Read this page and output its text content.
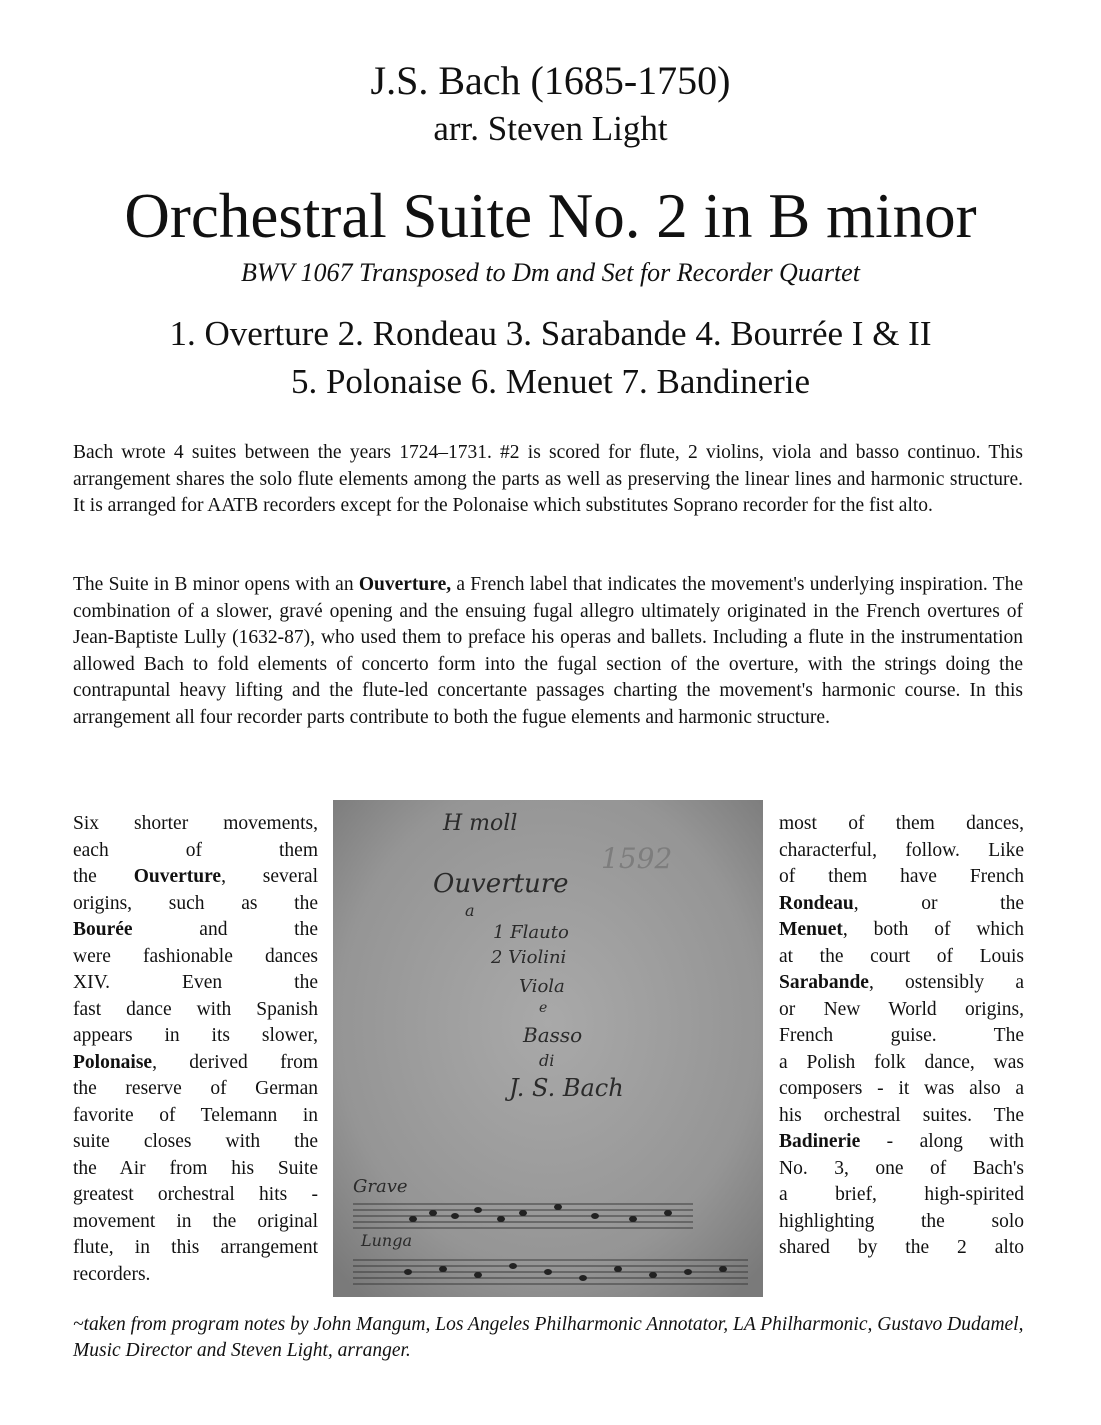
J.S. Bach (1685-1750)
arr. Steven Light
Orchestral Suite No. 2 in B minor
BWV 1067 Transposed to Dm and Set for Recorder Quartet
1. Overture 2. Rondeau 3. Sarabande 4. Bourrée I & II
5. Polonaise 6. Menuet 7. Bandinerie

Bach wrote 4 suites between the years 1724–1731. #2 is scored for flute, 2 violins, viola and basso continuo. This arrangement shares the solo flute elements among the parts as well as preserving the linear lines and harmonic structure. It is arranged for AATB recorders except for the Polonaise which substitutes Soprano recorder for the fist alto.

The Suite in B minor opens with an Ouverture, a French label that indicates the movement's underlying inspiration. The combination of a slower, gravé opening and the ensuing fugal allegro ultimately originated in the French overtures of Jean-Baptiste Lully (1632-87), who used them to preface his operas and ballets. Including a flute in the instrumentation allowed Bach to fold elements of concerto form into the fugal section of the overture, with the strings doing the contrapuntal heavy lifting and the flute-led concertante passages charting the movement's harmonic course. In this arrangement all four recorder parts contribute to both the fugue elements and harmonic structure.

Six shorter movements,
each of them
the Ouverture, several
origins, such as the
Bourée and the
were fashionable dances
XIV. Even the
fast dance with Spanish
appears in its slower,
Polonaise, derived from
the reserve of German
favorite of Telemann in
suite closes with the
the Air from his Suite
greatest orchestral hits -
movement in the original
flute, in this arrangement
recorders.
H moll
1592
Ouverture
a
1 Flauto
2 Violini
Viola
e
Basso
di
J. S. Bach
Grave
Lunga
most of them dances,
characterful, follow. Like
of them have French
Rondeau, or the
Menuet, both of which
at the court of Louis
Sarabande, ostensibly a
or New World origins,
French guise. The
a Polish folk dance, was
composers - it was also a
his orchestral suites. The
Badinerie - along with
No. 3, one of Bach's
a brief, high-spirited
highlighting the solo
shared by the 2 alto

~taken from program notes by John Mangum, Los Angeles Philharmonic Annotator, LA Philharmonic, Gustavo Dudamel, Music Director and Steven Light, arranger.
